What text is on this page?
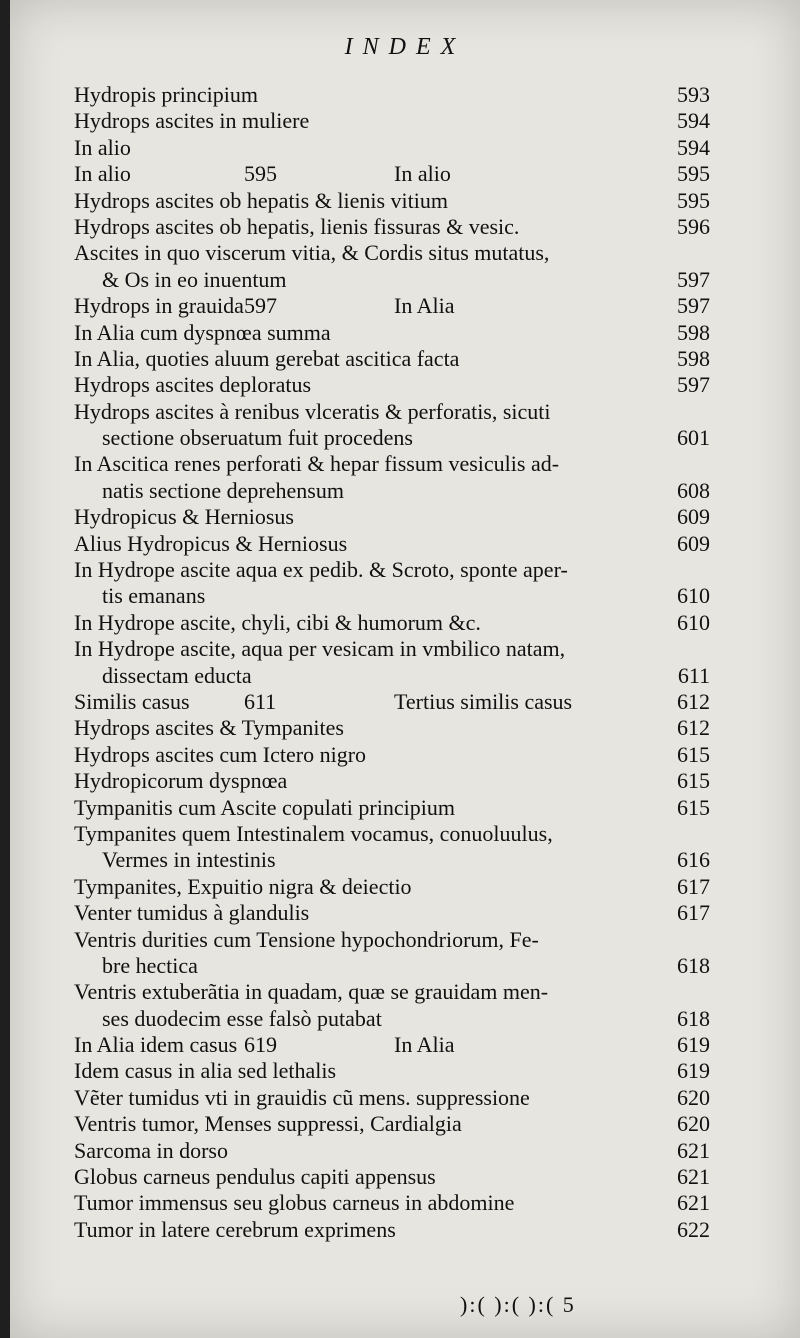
INDEX
Hydropis principium	593
Hydrops ascites in muliere	594
In alio	594
In alio	595	In alio	595
Hydrops ascites ob hepatis & lienis vitium	595
Hydrops ascites ob hepatis, lienis fissuras & vesic.	596
Ascites in quo viscerum vitia, & Cordis situs mutatus,
& Os in eo inuentum	597
Hydrops in grauida 597	In Alia	597
In Alia cum dyspnœa summa	598
In Alia, quoties aluum gerebat ascitica facta	598
Hydrops ascites deploratus	597
Hydrops ascites à renibus vlceratis & perforatis, sicuti
sectione obseruatum fuit procedens	601
In Ascitica renes perforati & hepar fissum vesiculis ad-
natis sectione deprehensum	608
Hydropicus & Herniosus	609
Alius Hydropicus & Herniosus	609
In Hydrope ascite aqua ex pedib. & Scroto, sponte aper-
tis emanans	610
In Hydrope ascite, chyli, cibi & humorum &c.	610
In Hydrope ascite, aqua per vesicam in vmbilico natam,
dissectam educta	611
Similis casus 611	Tertius similis casus	612
Hydrops ascites & Tympanites	612
Hydrops ascites cum Ictero nigro	615
Hydropicorum dyspnœa	615
Tympanitis cum Ascite copulati principium	615
Tympanites quem Intestinalem vocamus, conuoluulus,
Vermes in intestinis	616
Tympanites, Expuitio nigra & deiectio	617
Venter tumidus à glandulis	617
Ventris durities cum Tensione hypochondriorum, Fe-
bre hectica	618
Ventris extuberãtia in quadam, quæ se grauidam men-
ses duodecim esse falsò putabat	618
In Alia idem casus 619	In Alia	619
Idem casus in alia sed lethalis	619
Vẽter tumidus vti in grauidis cũ mens. suppressione	620
Ventris tumor, Menses suppressi, Cardialgia	620
Sarcoma in dorso	621
Globus carneus pendulus capiti appensus	621
Tumor immensus seu globus carneus in abdomine	621
Tumor in latere cerebrum exprimens	622
):( ):( ):( 5
